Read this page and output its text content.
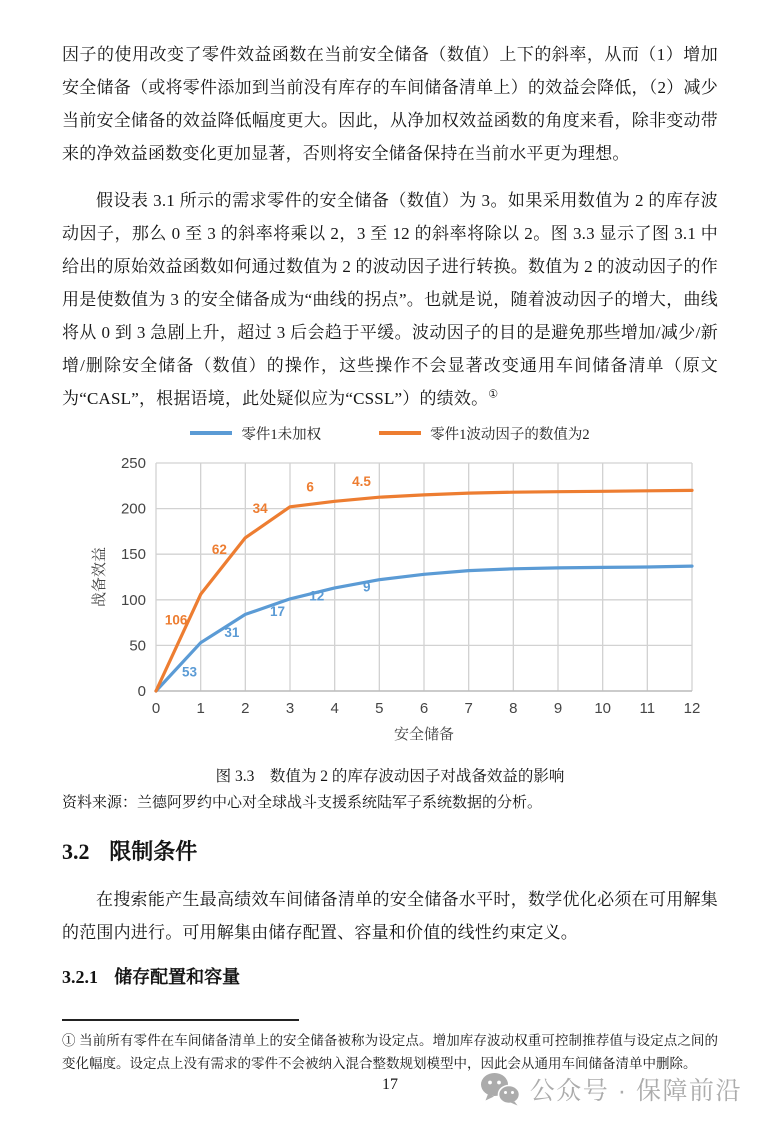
因子的使用改变了零件效益函数在当前安全储备（数值）上下的斜率，从而（1）增加安全储备（或将零件添加到当前没有库存的车间储备清单上）的效益会降低，（2）减少当前安全储备的效益降低幅度更大。因此，从净加权效益函数的角度来看，除非变动带来的净效益函数变化更加显著，否则将安全储备保持在当前水平更为理想。

假设表 3.1 所示的需求零件的安全储备（数值）为 3。如果采用数值为 2 的库存波动因子，那么 0 至 3 的斜率将乘以 2，3 至 12 的斜率将除以 2。图 3.3 显示了图 3.1 中给出的原始效益函数如何通过数值为 2 的波动因子进行转换。数值为 2 的波动因子的作用是使数值为 3 的安全储备成为“曲线的拐点”。也就是说，随着波动因子的增大，曲线将从 0 到 3 急剧上升，超过 3 后会趋于平缓。波动因子的目的是避免那些增加/减少/新增/删除安全储备（数值）的操作，这些操作不会显著改变通用车间储备清单（原文为“CASL”，根据语境，此处疑似应为“CSSL”）的绩效。①

零件1未加权	零件1波动因子的数值为2
0
50
100
150
200
250
0 1 2 3 4 5 6 7 8 9 10 11 12
战备效益
安全储备
53
31
17
12
9
106
62
34
6	4.5

图 3.3　数值为 2 的库存波动因子对战备效益的影响

资料来源：兰德阿罗约中心对全球战斗支援系统陆军子系统数据的分析。

3.2 限制条件

在搜索能产生最高绩效车间储备清单的安全储备水平时，数学优化必须在可用解集的范围内进行。可用解集由储存配置、容量和价值的线性约束定义。

3.2.1 储存配置和容量

① 当前所有零件在车间储备清单上的安全储备被称为设定点。增加库存波动权重可控制推荐值与设定点之间的变化幅度。设定点上没有需求的零件不会被纳入混合整数规划模型中，因此会从通用车间储备清单中删除。

17	公众号 · 保障前沿
